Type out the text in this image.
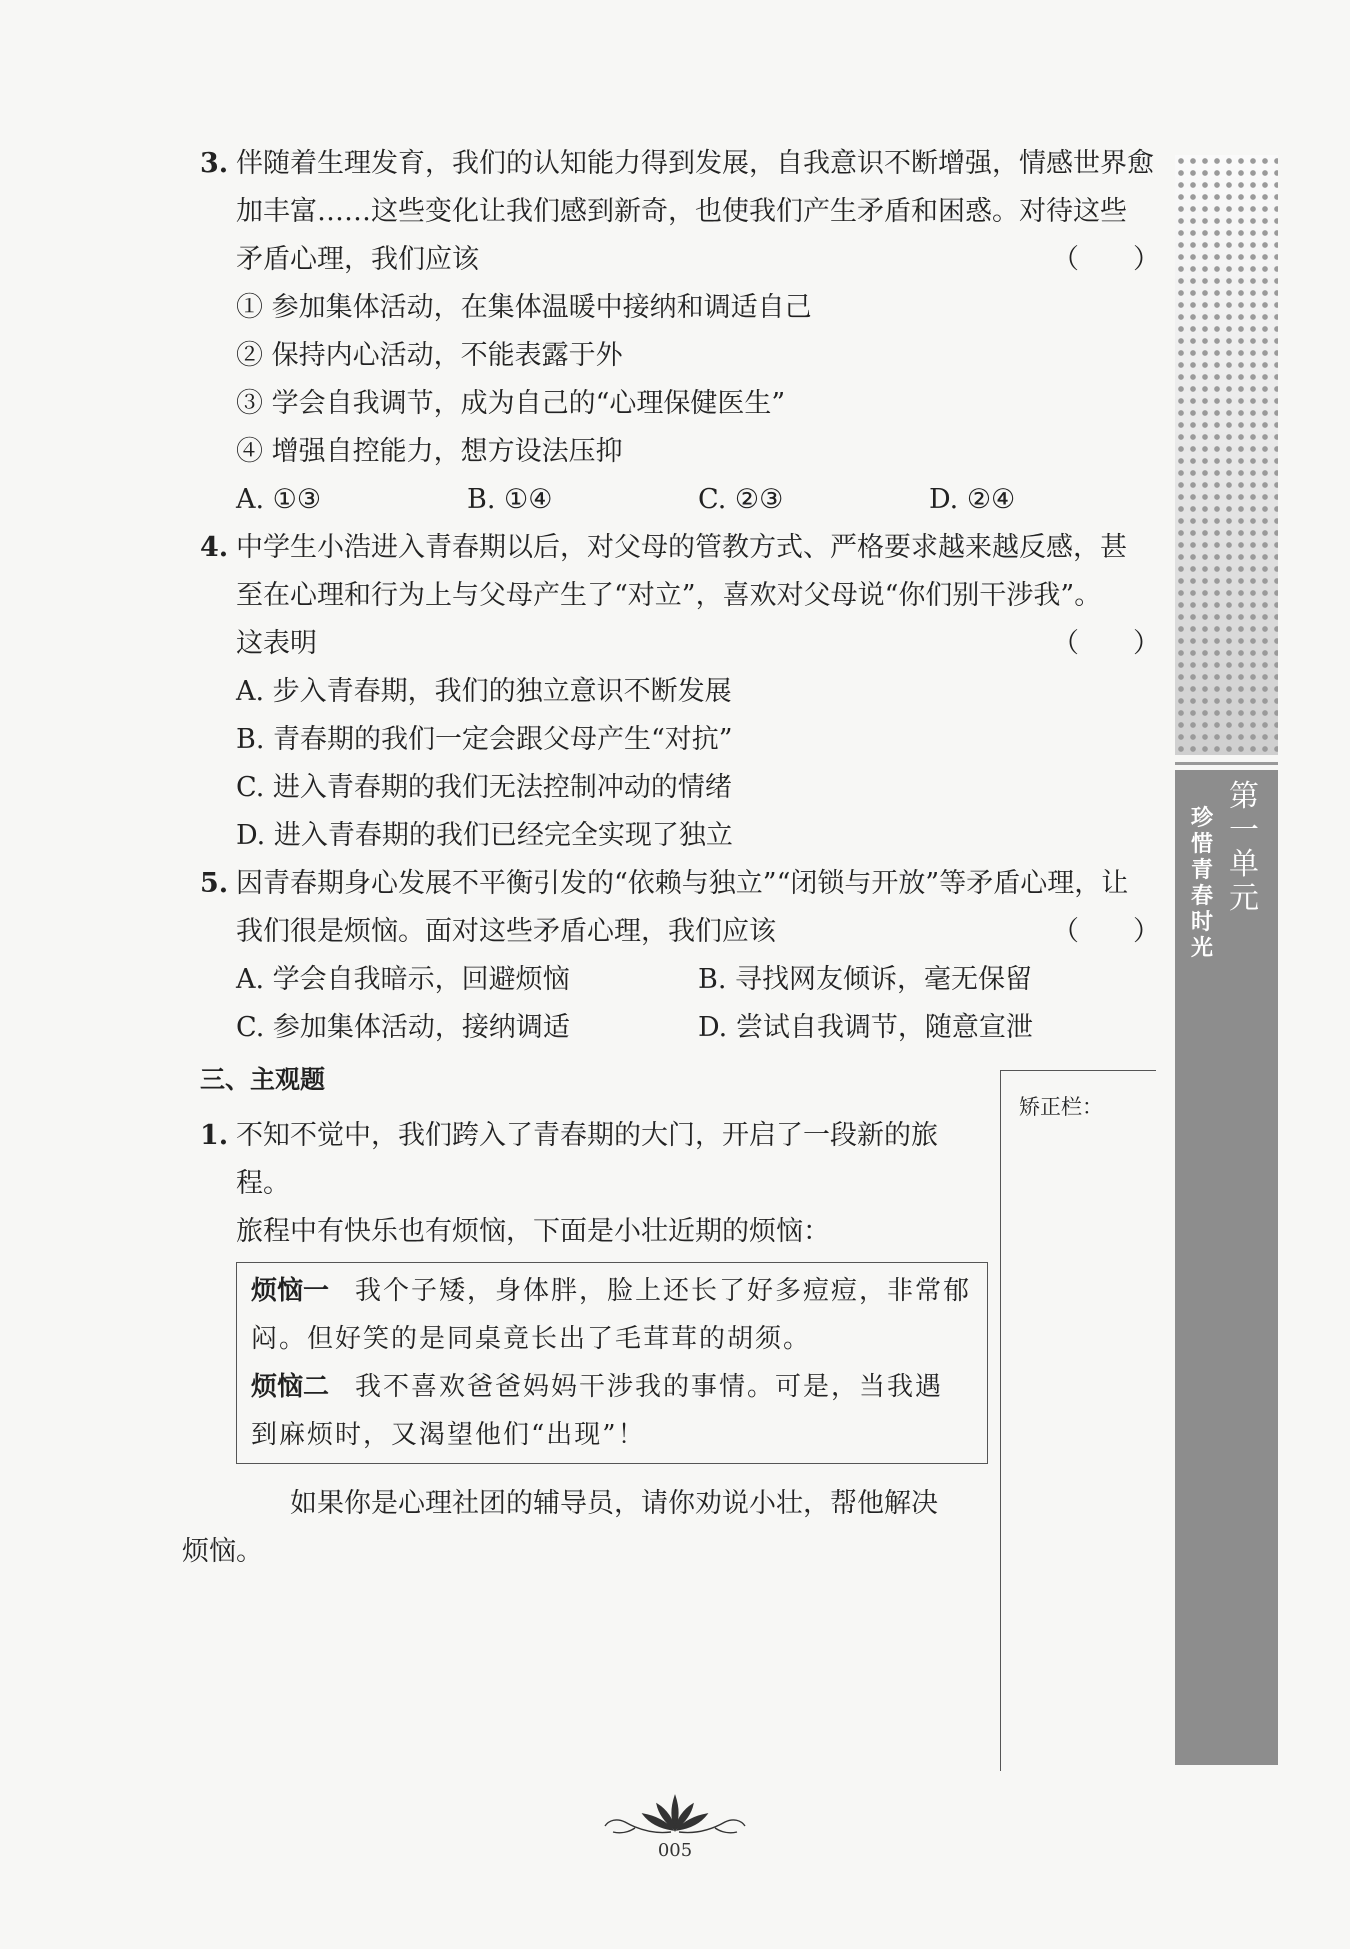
3. 伴随着生理发育，我们的认知能力得到发展，自我意识不断增强，情感世界愈
加丰富……这些变化让我们感到新奇，也使我们产生矛盾和困惑。对待这些
矛盾心理，我们应该	（　　）
① 参加集体活动，在集体温暖中接纳和调适自己
② 保持内心活动，不能表露于外
③ 学会自我调节，成为自己的“心理保健医生”
④ 增强自控能力，想方设法压抑
A. ①③	B. ①④	C. ②③	D. ②④
4. 中学生小浩进入青春期以后，对父母的管教方式、严格要求越来越反感，甚
至在心理和行为上与父母产生了“对立”，喜欢对父母说“你们别干涉我”。
这表明	（　　）
A. 步入青春期，我们的独立意识不断发展
B. 青春期的我们一定会跟父母产生“对抗”
C. 进入青春期的我们无法控制冲动的情绪
D. 进入青春期的我们已经完全实现了独立
5. 因青春期身心发展不平衡引发的“依赖与独立”“闭锁与开放”等矛盾心理，让
我们很是烦恼。面对这些矛盾心理，我们应该	（　　）
A. 学会自我暗示，回避烦恼	B. 寻找网友倾诉，毫无保留
C. 参加集体活动，接纳调适	D. 尝试自我调节，随意宣泄
三、主观题
1. 不知不觉中，我们跨入了青春期的大门，开启了一段新的旅程。
旅程中有快乐也有烦恼，下面是小壮近期的烦恼：
烦恼一 我个子矮，身体胖，脸上还长了好多痘痘，非常郁
闷。但好笑的是同桌竟长出了毛茸茸的胡须。
烦恼二 我不喜欢爸爸妈妈干涉我的事情。可是，当我遇
到麻烦时，又渴望他们“出现”！
如果你是心理社团的辅导员，请你劝说小壮，帮他解决
烦恼。
矫正栏：
第一单元
珍惜青春时光
005
